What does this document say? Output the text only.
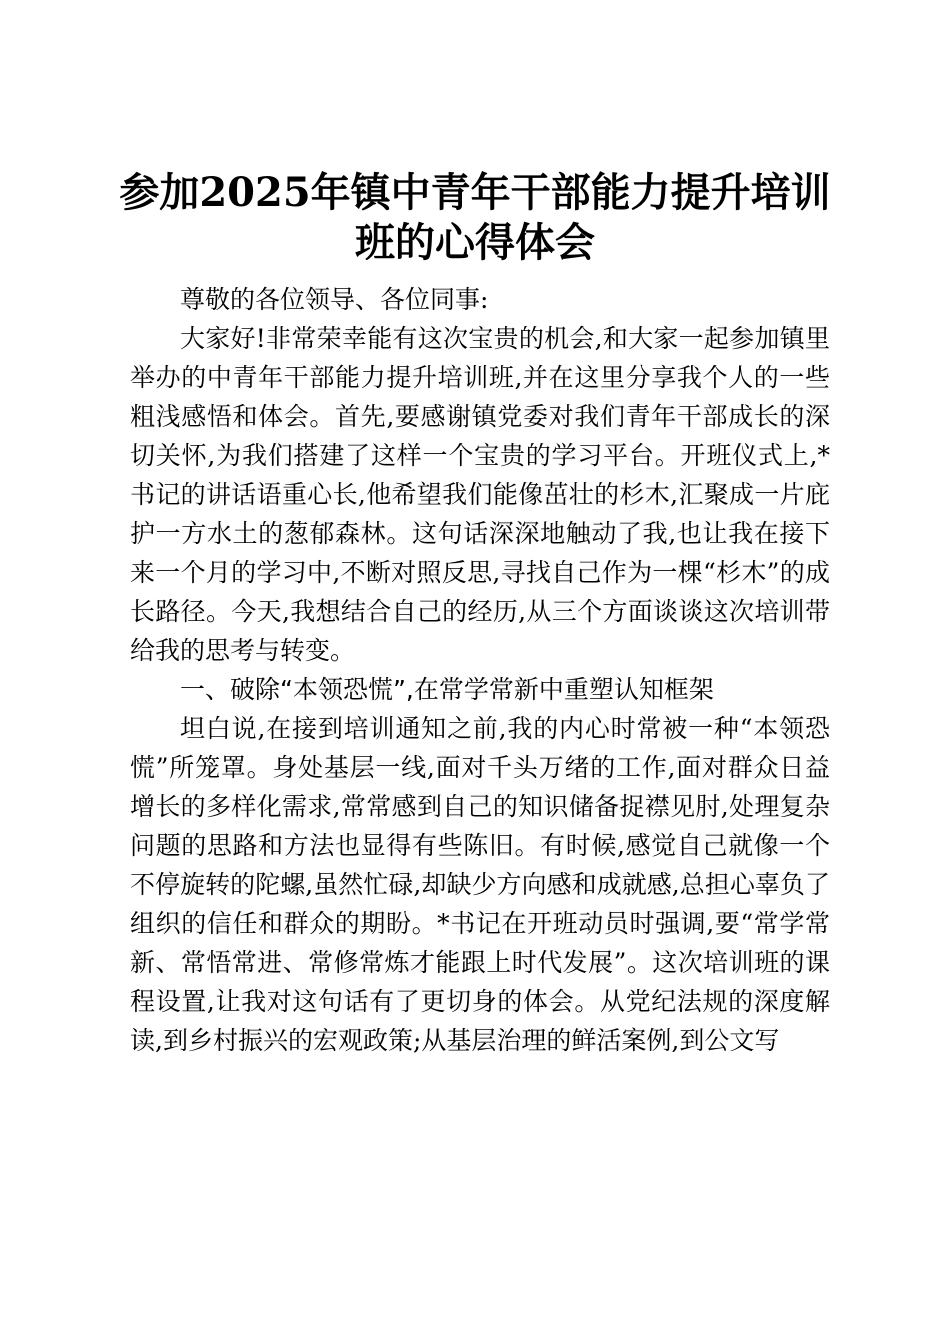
参加2025年镇中青年干部能力提升培训班的心得体会

尊敬的各位领导、各位同事:

大家好!非常荣幸能有这次宝贵的机会,和大家一起参加镇里举办的中青年干部能力提升培训班,并在这里分享我个人的一些粗浅感悟和体会。首先,要感谢镇党委对我们青年干部成长的深切关怀,为我们搭建了这样一个宝贵的学习平台。开班仪式上,*书记的讲话语重心长,他希望我们能像茁壮的杉木,汇聚成一片庇护一方水土的葱郁森林。这句话深深地触动了我,也让我在接下来一个月的学习中,不断对照反思,寻找自己作为一棵“杉木”的成长路径。今天,我想结合自己的经历,从三个方面谈谈这次培训带给我的思考与转变。

一、破除“本领恐慌”,在常学常新中重塑认知框架

坦白说,在接到培训通知之前,我的内心时常被一种“本领恐慌”所笼罩。身处基层一线,面对千头万绪的工作,面对群众日益增长的多样化需求,常常感到自己的知识储备捉襟见肘,处理复杂问题的思路和方法也显得有些陈旧。有时候,感觉自己就像一个不停旋转的陀螺,虽然忙碌,却缺少方向感和成就感,总担心辜负了组织的信任和群众的期盼。*书记在开班动员时强调,要“常学常新、常悟常进、常修常炼才能跟上时代发展”。这次培训班的课程设置,让我对这句话有了更切身的体会。从党纪法规的深度解读,到乡村振兴的宏观政策;从基层治理的鲜活案例,到公文写
